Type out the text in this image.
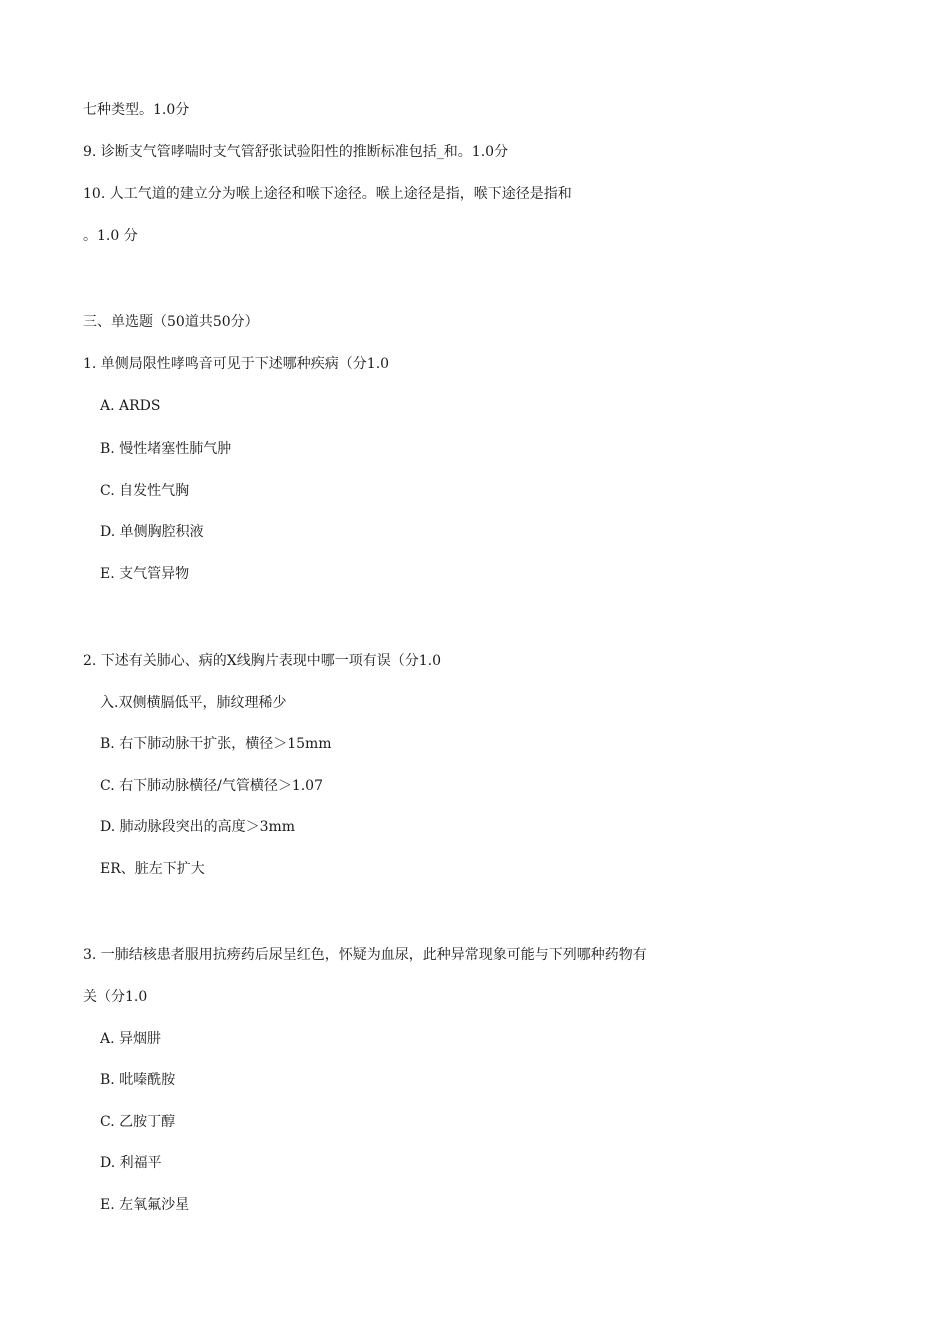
七种类型。1.0分
9. 诊断支气管哮喘时支气管舒张试验阳性的推断标准包括_和。1.0分
10. 人工气道的建立分为喉上途径和喉下途径。喉上途径是指，喉下途径是指和
。1.0 分
三、单选题（50道共50分）
1. 单侧局限性哮鸣音可见于下述哪种疾病（分1.0
A. ARDS
B. 慢性堵塞性肺气肿
C. 自发性气胸
D. 单侧胸腔积液
E. 支气管异物
2. 下述有关肺心、病的X线胸片表现中哪一项有误（分1.0
入.双侧横膈低平，肺纹理稀少
B. 右下肺动脉干扩张，横径＞15mm
C. 右下肺动脉横径/气管横径＞1.07
D. 肺动脉段突出的高度＞3mm
ER、脏左下扩大
3. 一肺结核患者服用抗痨药后尿呈红色，怀疑为血尿，此种异常现象可能与下列哪种药物有
关（分1.0
A. 异烟肼
B. 吡嗪酰胺
C. 乙胺丁醇
D. 利福平
E. 左氧氟沙星
